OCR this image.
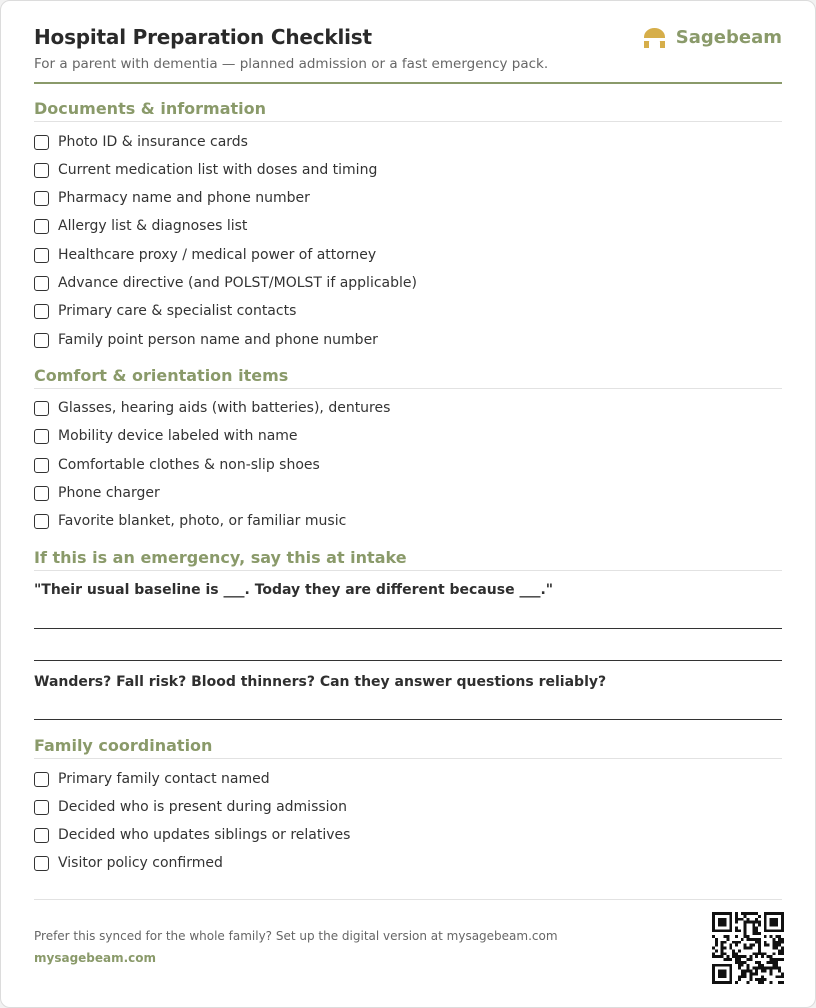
Hospital Preparation Checklist
For a parent with dementia — planned admission or a fast emergency pack.
Sagebeam
Documents & information
Photo ID & insurance cards
Current medication list with doses and timing
Pharmacy name and phone number
Allergy list & diagnoses list
Healthcare proxy / medical power of attorney
Advance directive (and POLST/MOLST if applicable)
Primary care & specialist contacts
Family point person name and phone number
Comfort & orientation items
Glasses, hearing aids (with batteries), dentures
Mobility device labeled with name
Comfortable clothes & non-slip shoes
Phone charger
Favorite blanket, photo, or familiar music
If this is an emergency, say this at intake
"Their usual baseline is ___. Today they are different because ___."
Wanders? Fall risk? Blood thinners? Can they answer questions reliably?
Family coordination
Primary family contact named
Decided who is present during admission
Decided who updates siblings or relatives
Visitor policy confirmed
Prefer this synced for the whole family? Set up the digital version at mysagebeam.com
mysagebeam.com
